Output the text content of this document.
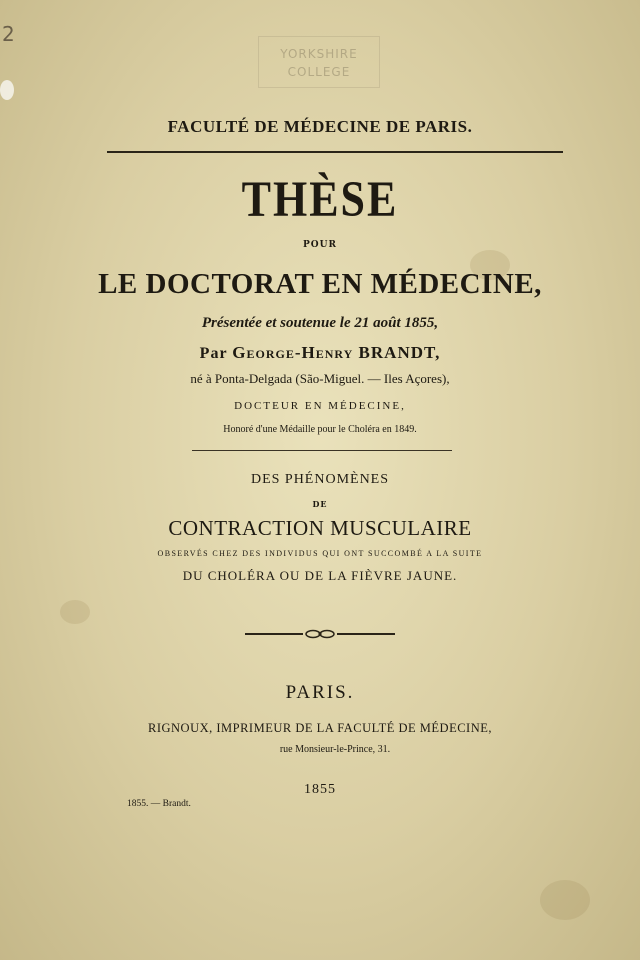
2
YORKSHIRE
COLLEGE
FACULTÉ DE MÉDECINE DE PARIS.
THÈSE
POUR
LE DOCTORAT EN MÉDECINE,
Présentée et soutenue le 21 août 1855,
Par George-Henry BRANDT,
né à Ponta-Delgada (São-Miguel. — Iles Açores),
DOCTEUR EN MÉDECINE,
Honoré d'une Médaille pour le Choléra en 1849.
DES PHÉNOMÈNES
DE
CONTRACTION MUSCULAIRE
OBSERVÉS CHEZ DES INDIVIDUS QUI ONT SUCCOMBÉ A LA SUITE
DU CHOLÉRA OU DE LA FIÈVRE JAUNE.
PARIS.
RIGNOUX, IMPRIMEUR DE LA FACULTÉ DE MÉDECINE,
rue Monsieur-le-Prince, 31.
1855
1855. — Brandt.
